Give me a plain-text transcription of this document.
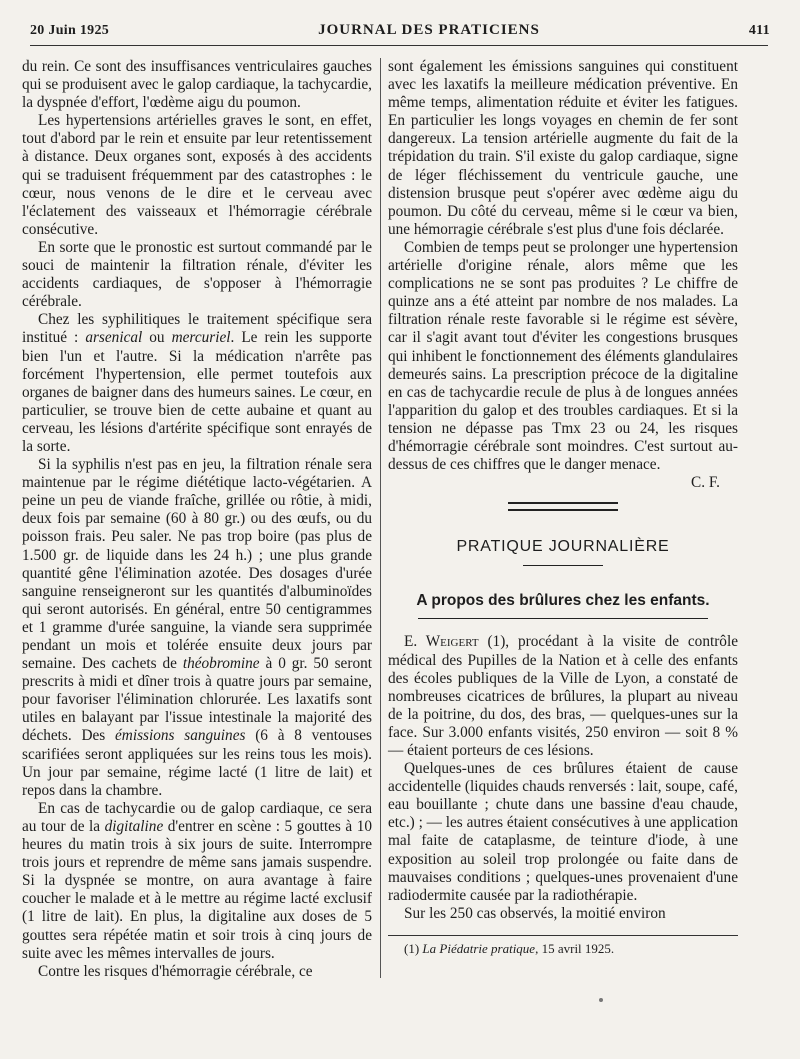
20 Juin 1925	JOURNAL DES PRATICIENS	411

du rein. Ce sont des insuffisances ventriculaires gauches qui se produisent avec le galop cardiaque, la tachycardie, la dyspnée d'effort, l'œdème aigu du poumon.

Les hypertensions artérielles graves le sont, en effet, tout d'abord par le rein et ensuite par leur retentissement à distance. Deux organes sont, exposés à des accidents qui se traduisent fréquemment par des catastrophes : le cœur, nous venons de le dire et le cerveau avec l'éclatement des vaisseaux et l'hémorragie cérébrale consécutive.

En sorte que le pronostic est surtout commandé par le souci de maintenir la filtration rénale, d'éviter les accidents cardiaques, de s'opposer à l'hémorragie cérébrale.

Chez les syphilitiques le traitement spécifique sera institué : arsenical ou mercuriel. Le rein les supporte bien l'un et l'autre. Si la médication n'arrête pas forcément l'hypertension, elle permet toutefois aux organes de baigner dans des humeurs saines. Le cœur, en particulier, se trouve bien de cette aubaine et quant au cerveau, les lésions d'artérite spécifique sont enrayés de la sorte.

Si la syphilis n'est pas en jeu, la filtration rénale sera maintenue par le régime diététique lacto-végétarien. A peine un peu de viande fraîche, grillée ou rôtie, à midi, deux fois par semaine (60 à 80 gr.) ou des œufs, ou du poisson frais. Peu saler. Ne pas trop boire (pas plus de 1.500 gr. de liquide dans les 24 h.) ; une plus grande quantité gêne l'élimination azotée. Des dosages d'urée sanguine renseigneront sur les quantités d'albuminoïdes qui seront autorisés. En général, entre 50 centigrammes et 1 gramme d'urée sanguine, la viande sera supprimée pendant un mois et tolérée ensuite deux jours par semaine. Des cachets de théobromine à 0 gr. 50 seront prescrits à midi et dîner trois à quatre jours par semaine, pour favoriser l'élimination chlorurée. Les laxatifs sont utiles en balayant par l'issue intestinale la majorité des déchets. Des émissions sanguines (6 à 8 ventouses scarifiées seront appliquées sur les reins tous les mois). Un jour par semaine, régime lacté (1 litre de lait) et repos dans la chambre.

En cas de tachycardie ou de galop cardiaque, ce sera au tour de la digitaline d'entrer en scène : 5 gouttes à 10 heures du matin trois à six jours de suite. Interrompre trois jours et reprendre de même sans jamais suspendre. Si la dyspnée se montre, on aura avantage à faire coucher le malade et à le mettre au régime lacté exclusif (1 litre de lait). En plus, la digitaline aux doses de 5 gouttes sera répétée matin et soir trois à cinq jours de suite avec les mêmes intervalles de jours.

Contre les risques d'hémorragie cérébrale, ce

sont également les émissions sanguines qui constituent avec les laxatifs la meilleure médication préventive. En même temps, alimentation réduite et éviter les fatigues. En particulier les longs voyages en chemin de fer sont dangereux. La tension artérielle augmente du fait de la trépidation du train. S'il existe du galop cardiaque, signe de léger fléchissement du ventricule gauche, une distension brusque peut s'opérer avec œdème aigu du poumon. Du côté du cerveau, même si le cœur va bien, une hémorragie cérébrale s'est plus d'une fois déclarée.

Combien de temps peut se prolonger une hypertension artérielle d'origine rénale, alors même que les complications ne se sont pas produites ? Le chiffre de quinze ans a été atteint par nombre de nos malades. La filtration rénale reste favorable si le régime est sévère, car il s'agit avant tout d'éviter les congestions brusques qui inhibent le fonctionnement des éléments glandulaires demeurés sains. La prescription précoce de la digitaline en cas de tachycardie recule de plus à de longues années l'apparition du galop et des troubles cardiaques. Et si la tension ne dépasse pas Tmx 23 ou 24, les risques d'hémorragie cérébrale sont moindres. C'est surtout au-dessus de ces chiffres que le danger menace.

C. F.

PRATIQUE JOURNALIÈRE
A propos des brûlures chez les enfants.

E. Weigert (1), procédant à la visite de contrôle médical des Pupilles de la Nation et à celle des enfants des écoles publiques de la Ville de Lyon, a constaté de nombreuses cicatrices de brûlures, la plupart au niveau de la poitrine, du dos, des bras, — quelques-unes sur la face. Sur 3.000 enfants visités, 250 environ — soit 8 % — étaient porteurs de ces lésions.

Quelques-unes de ces brûlures étaient de cause accidentelle (liquides chauds renversés : lait, soupe, café, eau bouillante ; chute dans une bassine d'eau chaude, etc.) ; — les autres étaient consécutives à une application mal faite de cataplasme, de teinture d'iode, à une exposition au soleil trop prolongée ou faite dans de mauvaises conditions ; quelques-unes provenaient d'une radiodermite causée par la radiothérapie.

Sur les 250 cas observés, la moitié environ

(1) La Piédatrie pratique, 15 avril 1925.
